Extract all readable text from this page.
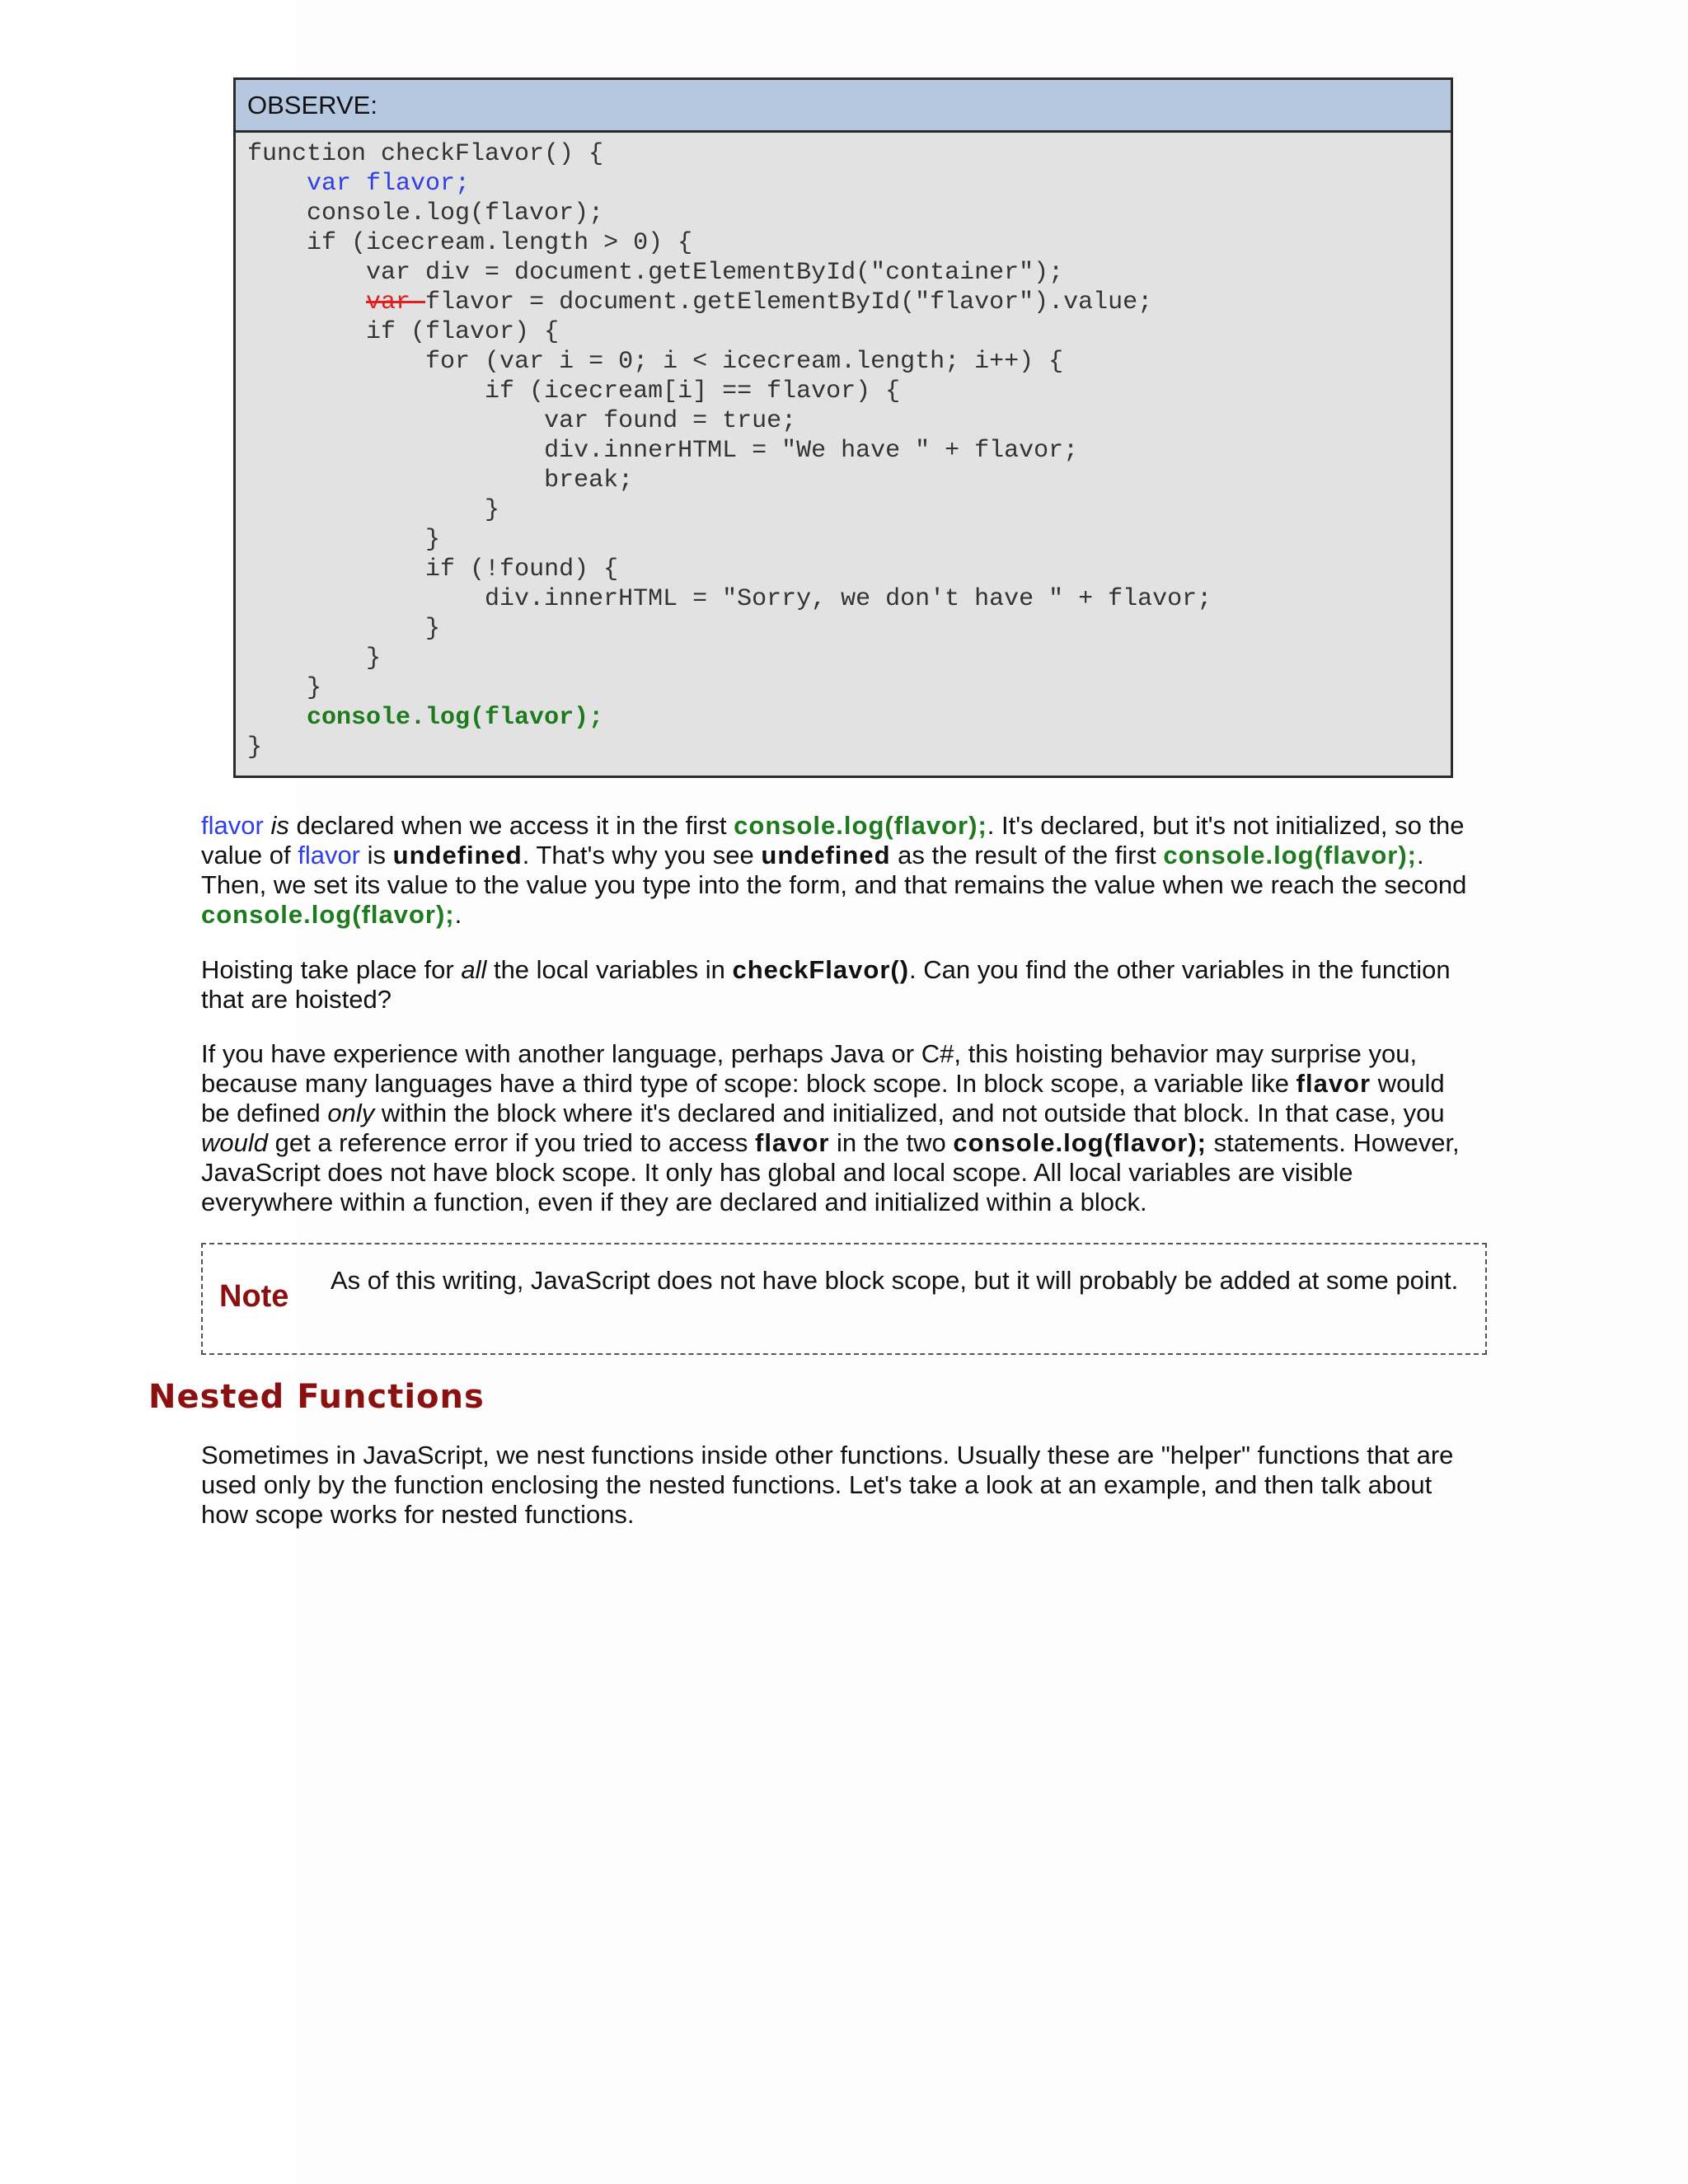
OBSERVE:
function checkFlavor() {
var flavor;
console.log(flavor);
if (icecream.length > 0) {
var div = document.getElementById("container");
var flavor = document.getElementById("flavor").value;
if (flavor) {
for (var i = 0; i < icecream.length; i++) {
if (icecream[i] == flavor) {
var found = true;
div.innerHTML = "We have " + flavor;
break;
}
}
if (!found) {
div.innerHTML = "Sorry, we don't have " + flavor;
}
}
}
console.log(flavor);
}

flavor is declared when we access it in the first console.log(flavor);. It's declared, but it's not initialized, so the value of flavor is undefined. That's why you see undefined as the result of the first console.log(flavor);. Then, we set its value to the value you type into the form, and that remains the value when we reach the second console.log(flavor);.

Hoisting take place for all the local variables in checkFlavor(). Can you find the other variables in the function that are hoisted?

If you have experience with another language, perhaps Java or C#, this hoisting behavior may surprise you, because many languages have a third type of scope: block scope. In block scope, a variable like flavor would be defined only within the block where it's declared and initialized, and not outside that block. In that case, you would get a reference error if you tried to access flavor in the two console.log(flavor); statements. However, JavaScript does not have block scope. It only has global and local scope. All local variables are visible everywhere within a function, even if they are declared and initialized within a block.

Note As of this writing, JavaScript does not have block scope, but it will probably be added at some point.

Nested Functions

Sometimes in JavaScript, we nest functions inside other functions. Usually these are "helper" functions that are used only by the function enclosing the nested functions. Let's take a look at an example, and then talk about how scope works for nested functions.
